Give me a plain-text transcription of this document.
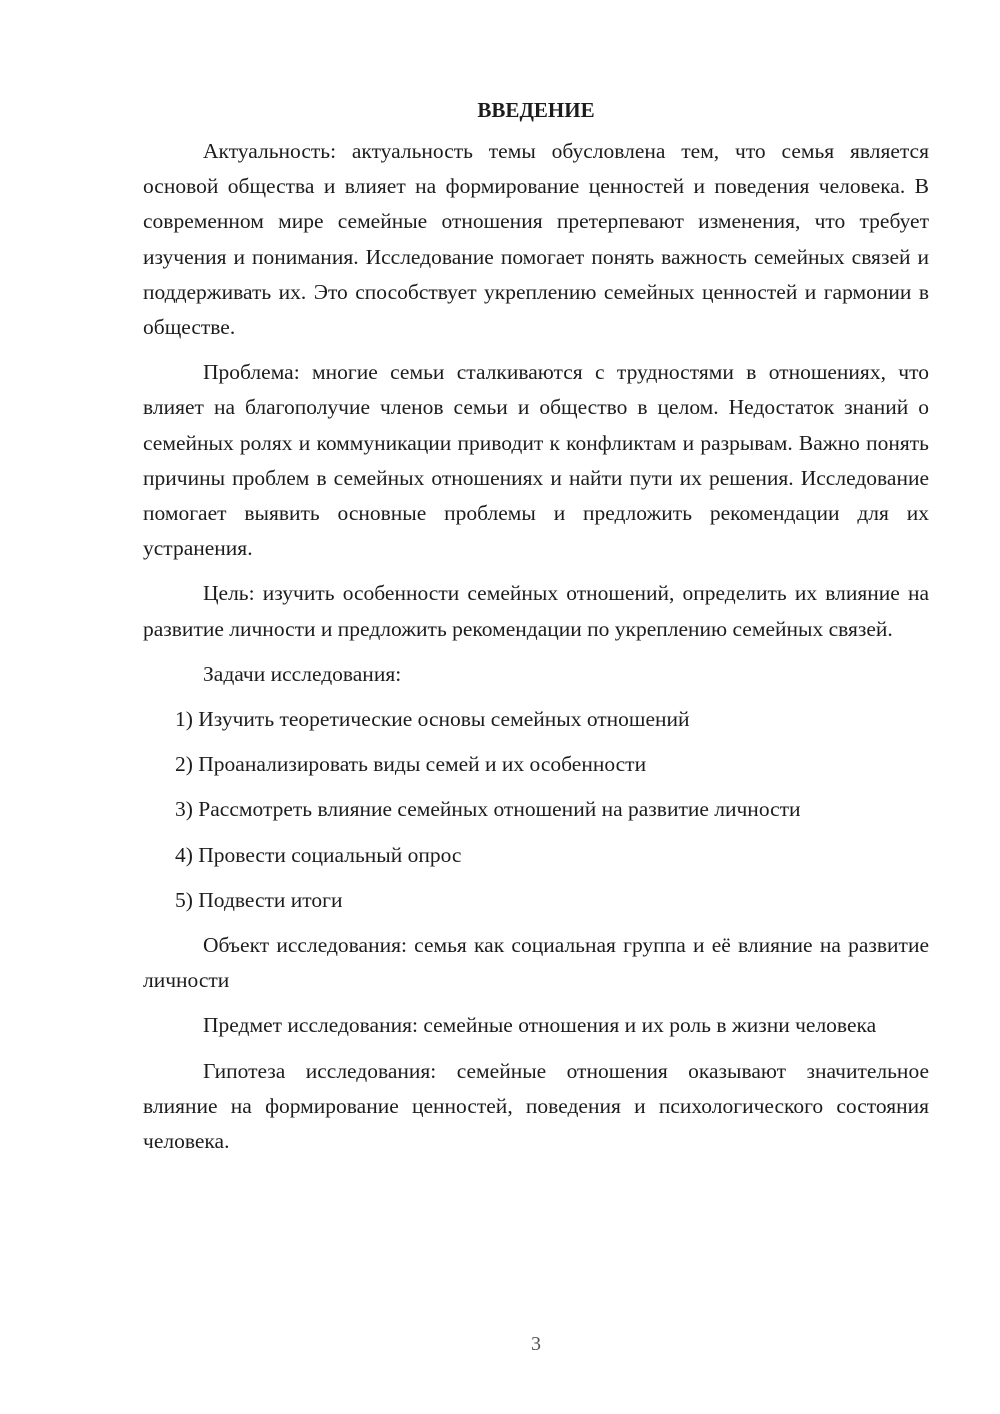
ВВЕДЕНИЕ

Актуальность: актуальность темы обусловлена тем, что семья является основой общества и влияет на формирование ценностей и поведения человека. В современном мире семейные отношения претерпевают изменения, что требует изучения и понимания. Исследование помогает понять важность семейных связей и поддерживать их. Это способствует укреплению семейных ценностей и гармонии в обществе.

Проблема: многие семьи сталкиваются с трудностями в отношениях, что влияет на благополучие членов семьи и общество в целом. Недостаток знаний о семейных ролях и коммуникации приводит к конфликтам и разрывам. Важно понять причины проблем в семейных отношениях и найти пути их решения. Исследование помогает выявить основные проблемы и предложить рекомендации для их устранения.

Цель: изучить особенности семейных отношений, определить их влияние на развитие личности и предложить рекомендации по укреплению семейных связей.

Задачи исследования:

1) Изучить теоретические основы семейных отношений

2) Проанализировать виды семей и их особенности

3) Рассмотреть влияние семейных отношений на развитие личности

4) Провести социальный опрос

5) Подвести итоги

Объект исследования: семья как социальная группа и её влияние на развитие личности

Предмет исследования: семейные отношения и их роль в жизни человека

Гипотеза исследования: семейные отношения оказывают значительное влияние на формирование ценностей, поведения и психологического состояния человека.

3
